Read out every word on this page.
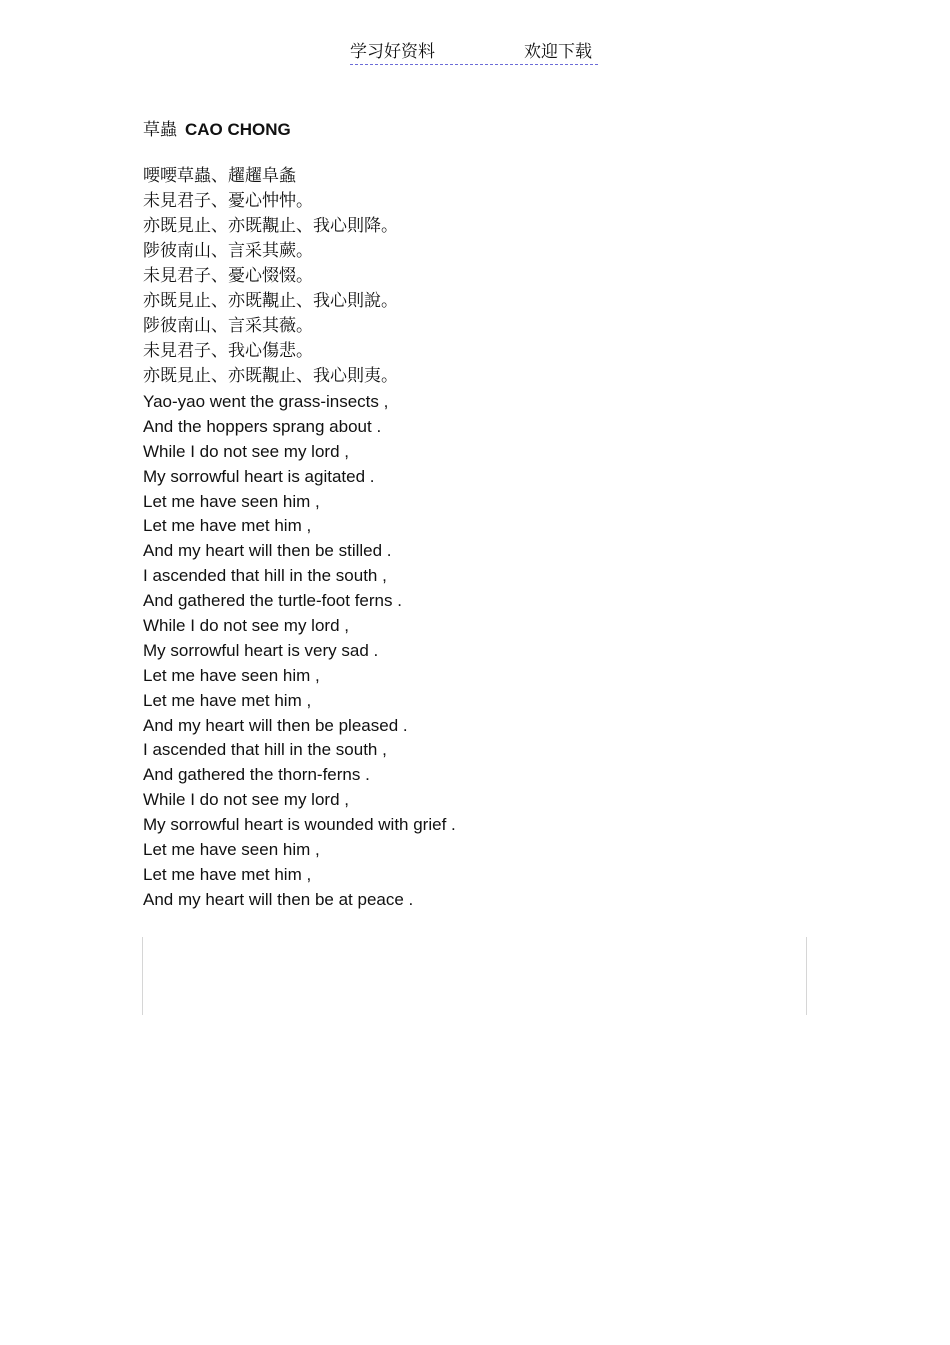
学习好资料	欢迎下载
草蟲 CAO CHONG
喓喓草蟲、趯趯阜螽
未見君子、憂心忡忡。
亦既見止、亦既覯止、我心則降。
陟彼南山、言采其蕨。
未見君子、憂心惙惙。
亦既見止、亦既覯止、我心則說。
陟彼南山、言采其薇。
未見君子、我心傷悲。
亦既見止、亦既覯止、我心則夷。
Yao-yao went the grass-insects ,
And the hoppers sprang about .
While I do not see my lord ,
My sorrowful heart is agitated .
Let me have seen him ,
Let me have met him ,
And my heart will then be stilled .
I ascended that hill in the south ,
And gathered the turtle-foot ferns .
While I do not see my lord ,
My sorrowful heart is very sad .
Let me have seen him ,
Let me have met him ,
And my heart will then be pleased .
I ascended that hill in the south ,
And gathered the thorn-ferns .
While I do not see my lord ,
My sorrowful heart is wounded with grief .
Let me have seen him ,
Let me have met him ,
And my heart will then be at peace .
